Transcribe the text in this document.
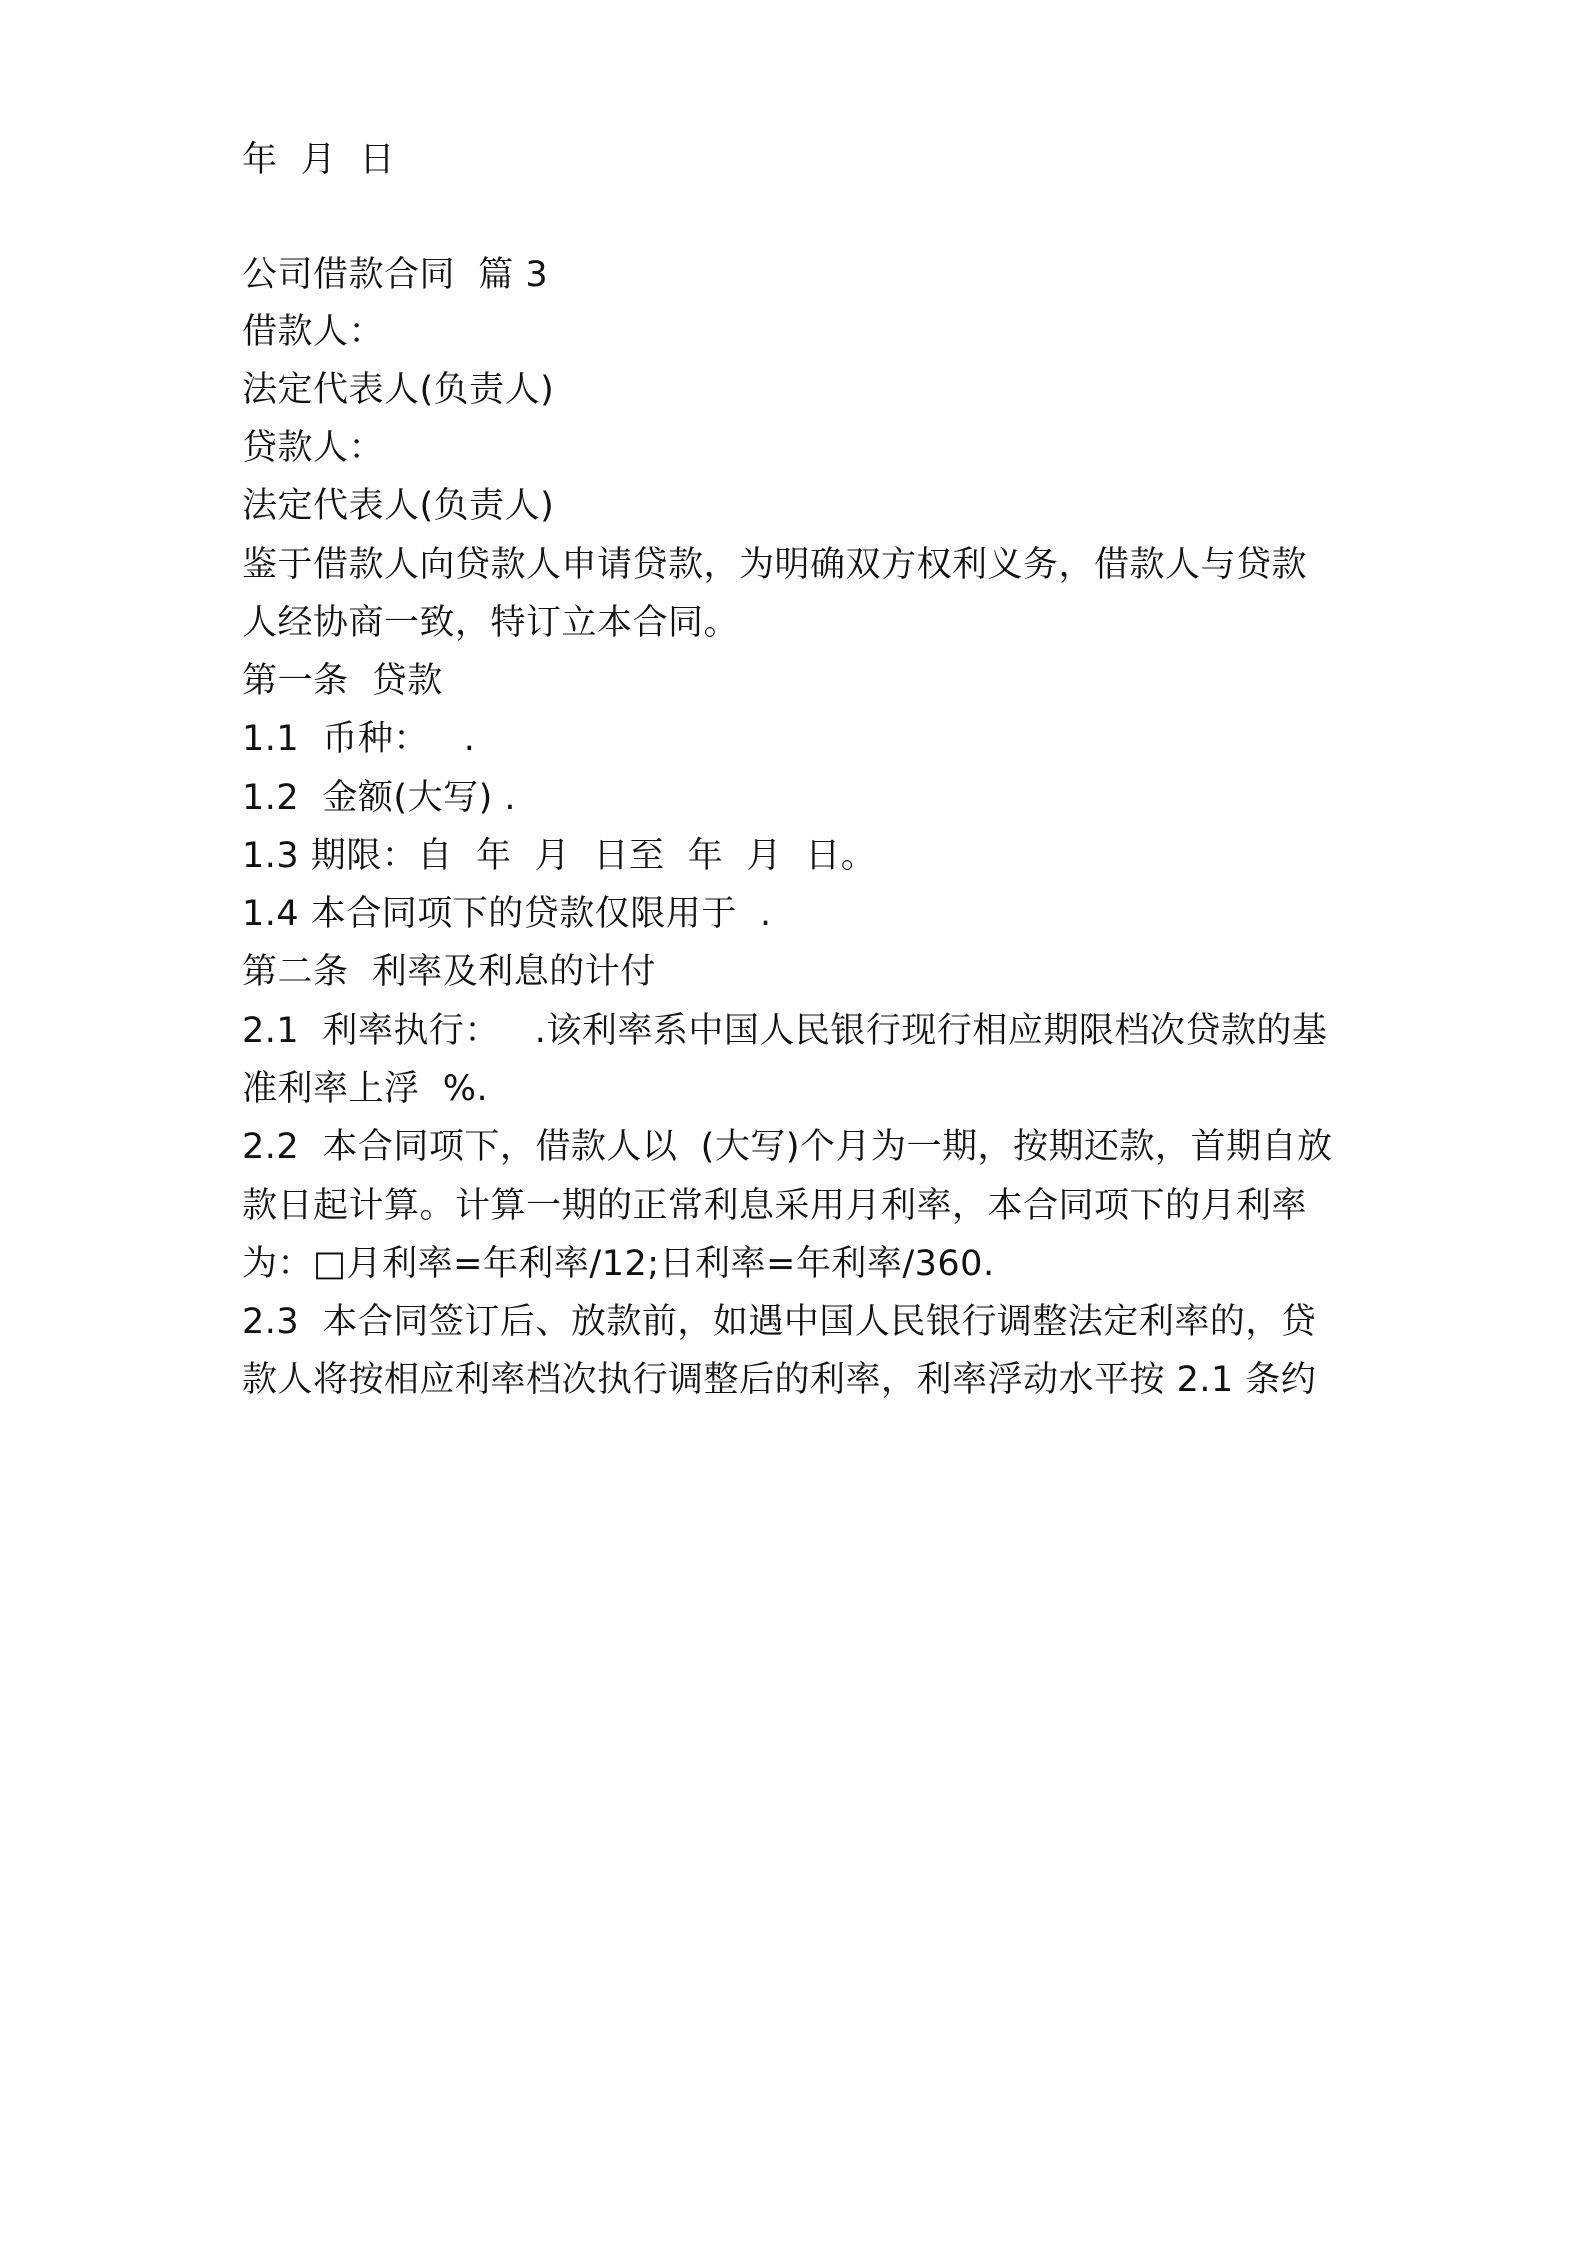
年  月  日
公司借款合同  篇 3
借款人：
法定代表人(负责人)
贷款人：
法定代表人(负责人)
鉴于借款人向贷款人申请贷款，为明确双方权利义务，借款人与贷款
人经协商一致，特订立本合同。
第一条  贷款
1.1  币种：   .
1.2  金额(大写) .
1.3 期限：自  年  月  日至  年  月  日。
1.4 本合同项下的贷款仅限用于  .
第二条  利率及利息的计付
2.1  利率执行：   .该利率系中国人民银行现行相应期限档次贷款的基
准利率上浮  %.
2.2  本合同项下，借款人以  (大写)个月为一期，按期还款，首期自放
款日起计算。计算一期的正常利息采用月利率，本合同项下的月利率
为：□月利率=年利率/12;日利率=年利率/360.
2.3  本合同签订后、放款前，如遇中国人民银行调整法定利率的，贷
款人将按相应利率档次执行调整后的利率，利率浮动水平按 2.1 条约
